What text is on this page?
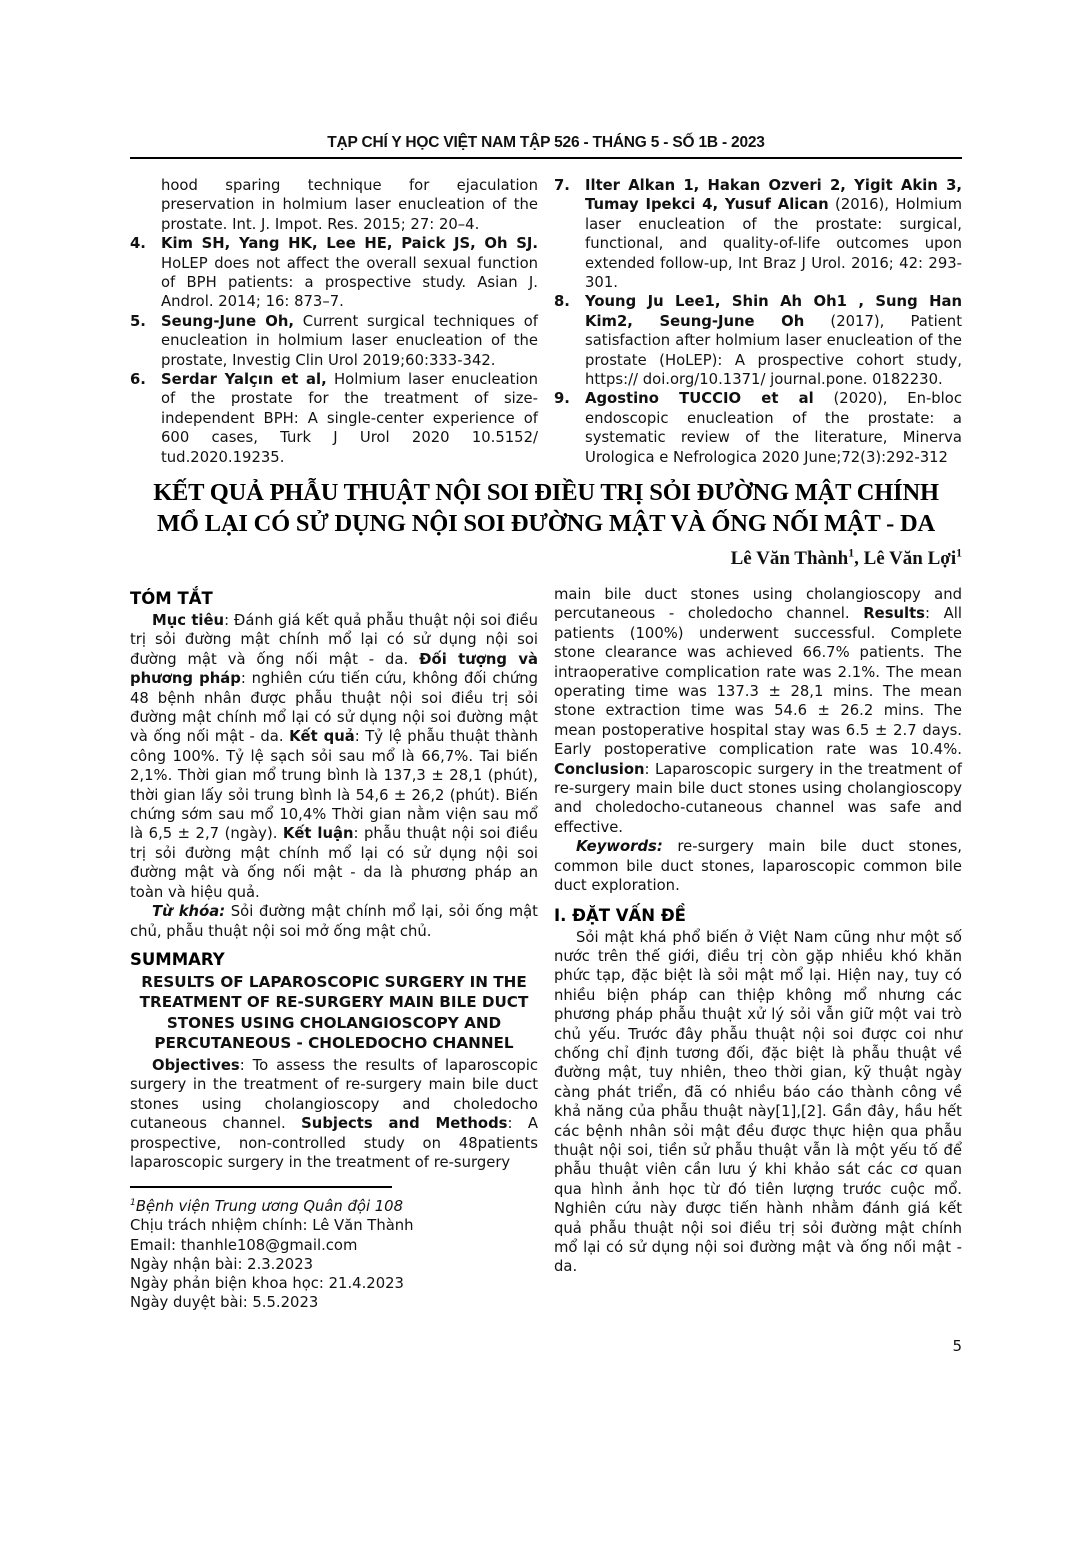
TẠP CHÍ Y HỌC VIỆT NAM TẬP 526 - THÁNG 5 - SỐ 1B - 2023
hood sparing technique for ejaculation preservation in holmium laser enucleation of the prostate. Int. J. Impot. Res. 2015; 27: 20–4.
4.	Kim SH, Yang HK, Lee HE, Paick JS, Oh SJ. HoLEP does not affect the overall sexual function of BPH patients: a prospective study. Asian J. Androl. 2014; 16: 873–7.
5.	Seung-June Oh, Current surgical techniques of enucleation in holmium laser enucleation of the prostate, Investig Clin Urol 2019;60:333-342.
6.	Serdar Yalçın et al, Holmium laser enucleation of the prostate for the treatment of size-independent BPH: A single-center experience of 600 cases, Turk J Urol 2020 10.5152/ tud.2020.19235.
7.	Ilter Alkan 1, Hakan Ozveri 2, Yigit Akin 3, Tumay Ipekci 4, Yusuf Alican (2016), Holmium laser enucleation of the prostate: surgical, functional, and quality-of-life outcomes upon extended follow-up, Int Braz J Urol. 2016; 42: 293-301.
8.	Young Ju Lee1, Shin Ah Oh1 , Sung Han Kim2, Seung-June Oh (2017), Patient satisfaction after holmium laser enucleation of the prostate (HoLEP): A prospective cohort study, https:// doi.org/10.1371/ journal.pone. 0182230.
9.	Agostino TUCCIO et al (2020), En-bloc endoscopic enucleation of the prostate: a systematic review of the literature, Minerva Urologica e Nefrologica 2020 June;72(3):292-312
KẾT QUẢ PHẪU THUẬT NỘI SOI ĐIỀU TRỊ SỎI ĐƯỜNG MẬT CHÍNH
MỔ LẠI CÓ SỬ DỤNG NỘI SOI ĐƯỜNG MẬT VÀ ỐNG NỐI MẬT - DA
Lê Văn Thành$^1$, Lê Văn Lợi$^1$
TÓM TẮT

Mục tiêu: Đánh giá kết quả phẫu thuật nội soi điều trị sỏi đường mật chính mổ lại có sử dụng nội soi đường mật và ống nối mật - da. Đối tượng và phương pháp: nghiên cứu tiến cứu, không đối chứng 48 bệnh nhân được phẫu thuật nội soi điều trị sỏi đường mật chính mổ lại có sử dụng nội soi đường mật và ống nối mật - da. Kết quả: Tỷ lệ phẫu thuật thành công 100%. Tỷ lệ sạch sỏi sau mổ là 66,7%. Tai biến 2,1%. Thời gian mổ trung bình là 137,3 ± 28,1 (phút), thời gian lấy sỏi trung bình là 54,6 ± 26,2 (phút). Biến chứng sớm sau mổ 10,4% Thời gian nằm viện sau mổ là 6,5 ± 2,7 (ngày). Kết luận: phẫu thuật nội soi điều trị sỏi đường mật chính mổ lại có sử dụng nội soi đường mật và ống nối mật - da là phương pháp an toàn và hiệu quả.

Từ khóa: Sỏi đường mật chính mổ lại, sỏi ống mật chủ, phẫu thuật nội soi mở ống mật chủ.

SUMMARY
RESULTS OF LAPAROSCOPIC SURGERY IN THE TREATMENT OF RE-SURGERY MAIN BILE DUCT STONES USING CHOLANGIOSCOPY AND PERCUTANEOUS - CHOLEDOCHO CHANNEL

Objectives: To assess the results of laparoscopic surgery in the treatment of re-surgery main bile duct stones using cholangioscopy and choledocho cutaneous channel. Subjects and Methods: A prospective, non-controlled study on 48patients laparoscopic surgery in the treatment of re-surgery

main bile duct stones using cholangioscopy and percutaneous - choledocho channel. Results: All patients (100%) underwent successful. Complete stone clearance was achieved 66.7% patients. The intraoperative complication rate was 2.1%. The mean operating time was 137.3 ± 28,1 mins. The mean stone extraction time was 54.6 ± 26.2 mins. The mean postoperative hospital stay was 6.5 ± 2.7 days. Early postoperative complication rate was 10.4%. Conclusion: Laparoscopic surgery in the treatment of re-surgery main bile duct stones using cholangioscopy and choledocho-cutaneous channel was safe and effective.

Keywords: re-surgery main bile duct stones, common bile duct stones, laparoscopic common bile duct exploration.

I. ĐẶT VẤN ĐỀ

Sỏi mật khá phổ biến ở Việt Nam cũng như một số nước trên thế giới, điều trị còn gặp nhiều khó khăn phức tạp, đặc biệt là sỏi mật mổ lại. Hiện nay, tuy có nhiều biện pháp can thiệp không mổ nhưng các phương pháp phẫu thuật xử lý sỏi vẫn giữ một vai trò chủ yếu. Trước đây phẫu thuật nội soi được coi như chống chỉ định tương đối, đặc biệt là phẫu thuật về đường mật, tuy nhiên, theo thời gian, kỹ thuật ngày càng phát triển, đã có nhiều báo cáo thành công về khả năng của phẫu thuật này[1],[2]. Gần đây, hầu hết các bệnh nhân sỏi mật đều được thực hiện qua phẫu thuật nội soi, tiền sử phẫu thuật vẫn là một yếu tố để phẫu thuật viên cần lưu ý khi khảo sát các cơ quan qua hình ảnh học từ đó tiên lượng trước cuộc mổ. Nghiên cứu này được tiến hành nhằm đánh giá kết quả phẫu thuật nội soi điều trị sỏi đường mật chính mổ lại có sử dụng nội soi đường mật và ống nối mật - da.

$^1$Bệnh viện Trung ương Quân đội 108
Chịu trách nhiệm chính: Lê Văn Thành
Email: thanhle108@gmail.com
Ngày nhận bài: 2.3.2023
Ngày phản biện khoa học: 21.4.2023
Ngày duyệt bài: 5.5.2023
5
